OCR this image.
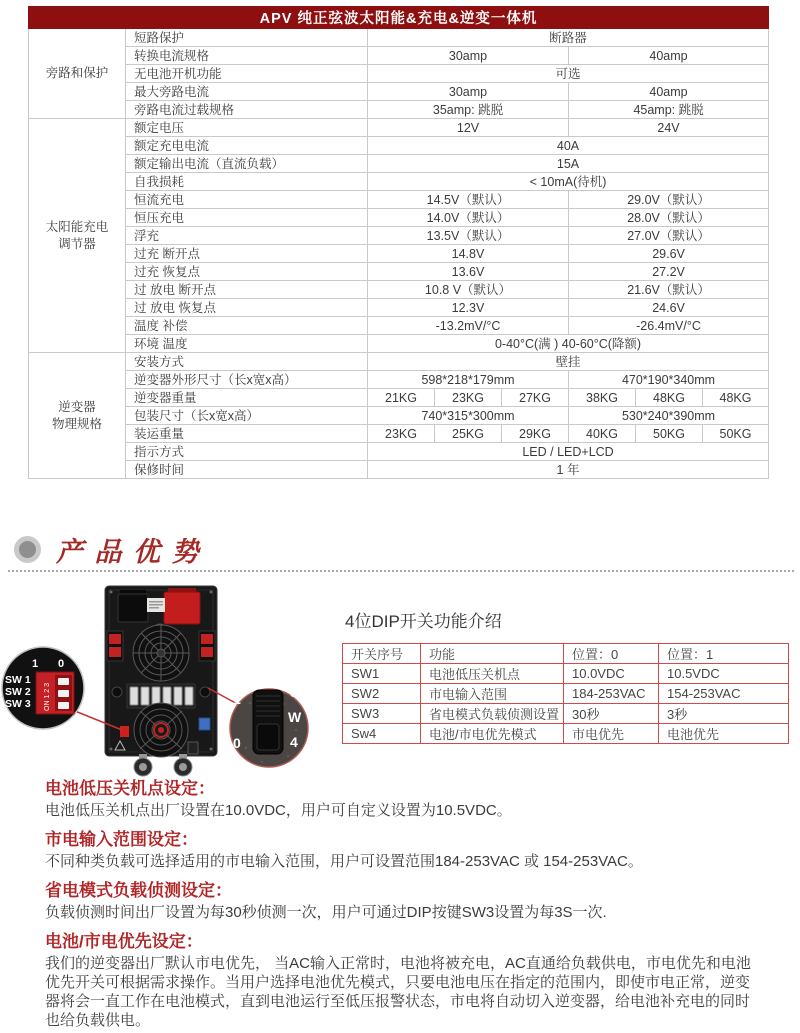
APV 纯正弦波太阳能&充电&逆变一体机							
旁路和保护	短路保护	断路器					
	转换电流规格	30amp			40amp		
	无电池开机功能	可选					
	最大旁路电流	30amp			40amp		
	旁路电流过载规格	35amp: 跳脱			45amp: 跳脱		
太阳能充电
调节器	额定电压	12V			24V		
	额定充电电流	40A					
	额定输出电流（直流负载）	15A					
	自我损耗	< 10mA(待机)					
	恒流充电	14.5V（默认）			29.0V（默认）		
	恒压充电	14.0V（默认）			28.0V（默认）		
	浮充	13.5V（默认）			27.0V（默认）		
	过充 断开点	14.8V			29.6V		
	过充 恢复点	13.6V			27.2V		
	过 放电 断开点	10.8 V（默认）			21.6V（默认）		
	过 放电 恢复点	12.3V			24.6V		
	温度 补偿	-13.2mV/°C			-26.4mV/°C		
	环境 温度	0-40°C(满 ) 40-60°C(降额)					
逆变器
物理规格	安装方式	壁挂					
	逆变器外形尺寸（长x宽x高）	598*218*179mm			470*190*340mm		
	逆变器重量	21KG	23KG	27KG	38KG	48KG	48KG
	包装尺寸（长x宽x高）	740*315*300mm			530*240*390mm		
	装运重量	23KG	25KG	29KG	40KG	50KG	50KG
	指示方式	LED / LED+LCD					
	保修时间	1 年					
产 品 优 势
1 0
SW 1
SW 2
SW 3 ON 1 2 3	1
0
S
W
4
4位DIP开关功能介绍
开关序号	功能	位置：0	位置：1
SW1	电池低压关机点	10.0VDC	10.5VDC
SW2	市电输入范围	184-253VAC	154-253VAC
SW3	省电模式负载侦测设置	30秒	3秒
Sw4	电池/市电优先模式	市电优先	电池优先
电池低压关机点设定：

电池低压关机点出厂设置在10.0VDC，用户可自定义设置为10.5VDC。

市电输入范围设定：

不同种类负载可选择适用的市电输入范围，用户可设置范围184-253VAC 或 154-253VAC。

省电模式负载侦测设定：

负载侦测时间出厂设置为每30秒侦测一次，用户可通过DIP按键SW3设置为每3S一次.

电池/市电优先设定：

我们的逆变器出厂默认市电优先， 当AC输入正常时，电池将被充电，AC直通给负载供电，市电优先和电池优先开关可根据需求操作。当用户选择电池优先模式，只要电池电压在指定的范围内，即使市电正常，逆变器将会一直工作在电池模式，直到电池运行至低压报警状态，市电将自动切入逆变器，给电池补充电的同时也给负载供电。
